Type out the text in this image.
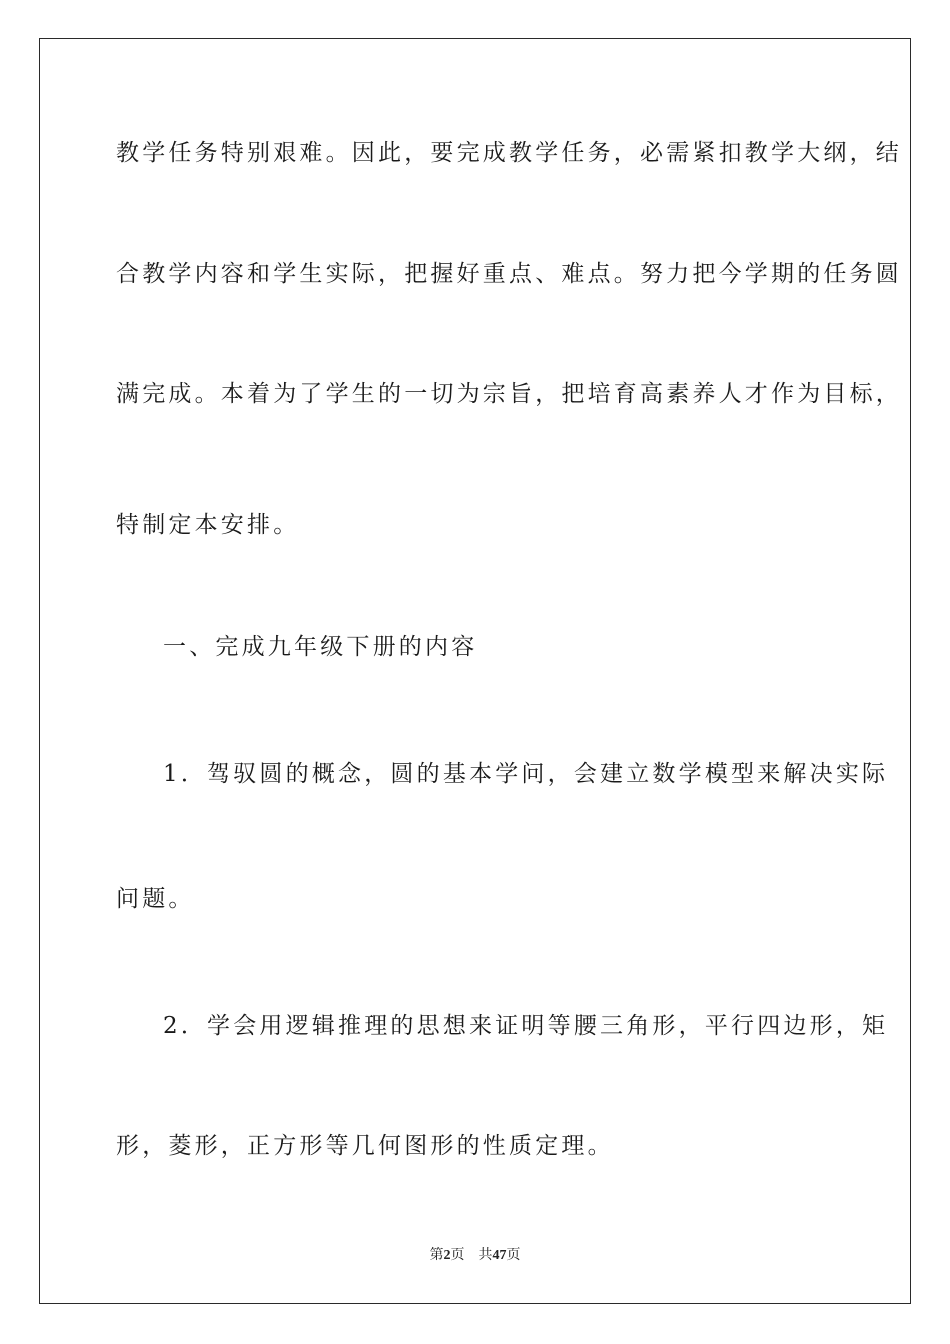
教学任务特别艰难。因此，要完成教学任务，必需紧扣教学大纲，结
合教学内容和学生实际，把握好重点、难点。努力把今学期的任务圆
满完成。本着为了学生的一切为宗旨，把培育高素养人才作为目标，
特制定本安排。
一、完成九年级下册的内容
1．驾驭圆的概念，圆的基本学问，会建立数学模型来解决实际
问题。
2．学会用逻辑推理的思想来证明等腰三角形，平行四边形，矩
形，菱形，正方形等几何图形的性质定理。
第2页 共47页
